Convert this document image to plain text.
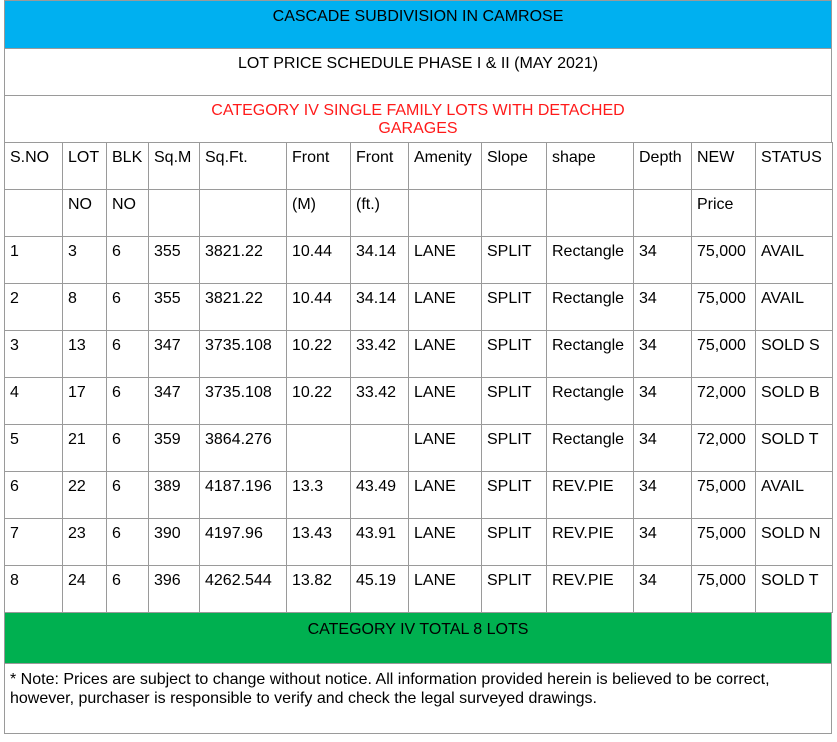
CASCADE SUBDIVISION IN CAMROSE
LOT PRICE SCHEDULE PHASE I & II (MAY 2021)
CATEGORY IV SINGLE FAMILY LOTS WITH DETACHED
GARAGES
S.NO	LOT	BLK	Sq.M	Sq.Ft.	Front	Front	Amenity	Slope	shape	Depth	NEW	STATUS

	NO	NO			(M)	(ft.)					Price	

1	3	6	355	3821.22	10.44	34.14	LANE	SPLIT	Rectangle	34	75,000	AVAIL

2	8	6	355	3821.22	10.44	34.14	LANE	SPLIT	Rectangle	34	75,000	AVAIL

3	13	6	347	3735.108	10.22	33.42	LANE	SPLIT	Rectangle	34	75,000	SOLD S

4	17	6	347	3735.108	10.22	33.42	LANE	SPLIT	Rectangle	34	72,000	SOLD B

5	21	6	359	3864.276			LANE	SPLIT	Rectangle	34	72,000	SOLD T

6	22	6	389	4187.196	13.3	43.49	LANE	SPLIT	REV.PIE	34	75,000	AVAIL

7	23	6	390	4197.96	13.43	43.91	LANE	SPLIT	REV.PIE	34	75,000	SOLD N

8	24	6	396	4262.544	13.82	45.19	LANE	SPLIT	REV.PIE	34	75,000	SOLD T
CATEGORY IV TOTAL 8 LOTS
* Note: Prices are subject to change without notice. All information provided herein is believed to be correct, however, purchaser is responsible to verify and check the legal surveyed drawings.
